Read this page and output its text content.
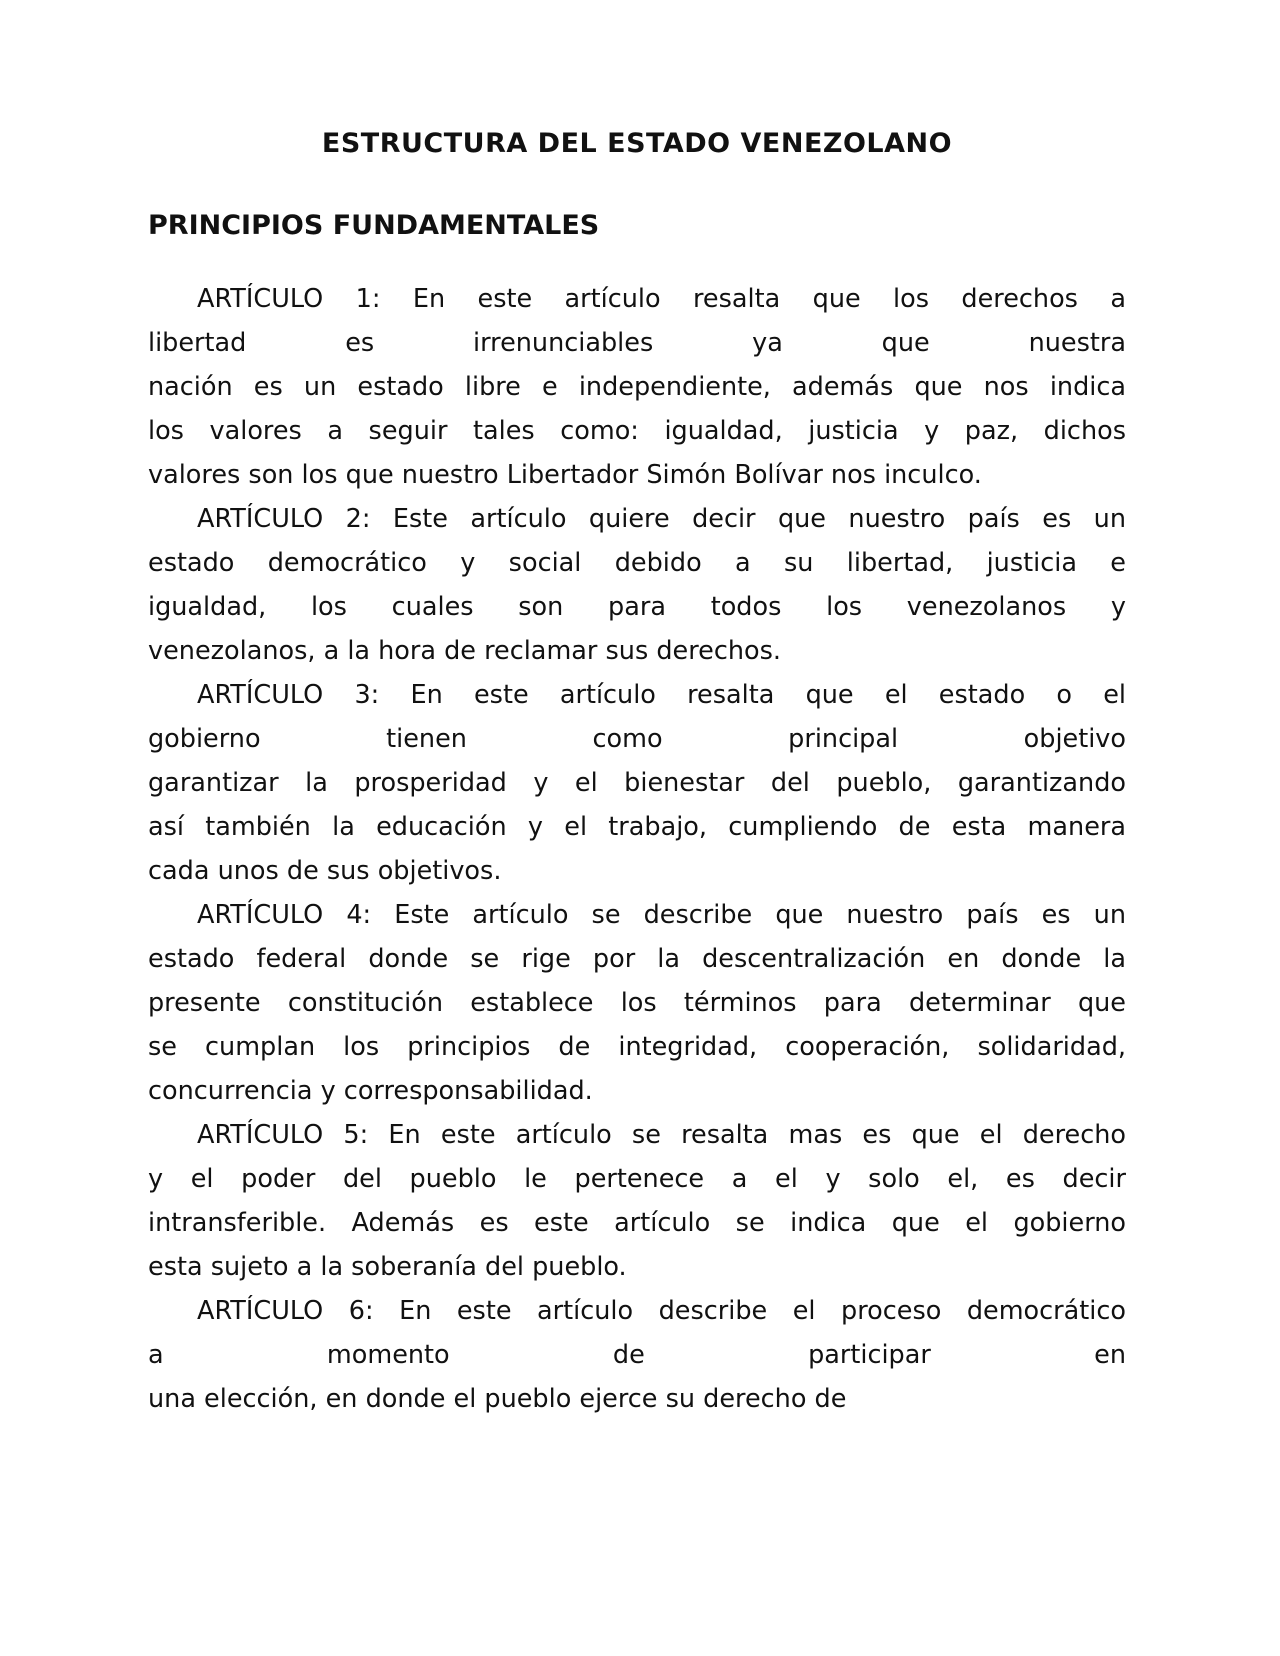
ESTRUCTURA DEL ESTADO VENEZOLANO
PRINCIPIOS FUNDAMENTALES
ARTÍCULO 1: En este artículo resalta que los derechos a
libertad es irrenunciables ya que nuestra
nación es un estado libre e independiente, además que nos indica
los valores a seguir tales como: igualdad, justicia y paz, dichos
valores son los que nuestro Libertador Simón Bolívar nos inculco.
ARTÍCULO 2: Este artículo quiere decir que nuestro país es un
estado democrático y social debido a su libertad, justicia e
igualdad, los cuales son para todos los venezolanos y
venezolanos, a la hora de reclamar sus derechos.
ARTÍCULO 3: En este artículo resalta que el estado o el
gobierno tienen como principal objetivo
garantizar la prosperidad y el bienestar del pueblo, garantizando
así también la educación y el trabajo, cumpliendo de esta manera
cada unos de sus objetivos.
ARTÍCULO 4: Este artículo se describe que nuestro país es un
estado federal donde se rige por la descentralización en donde la
presente constitución establece los términos para determinar que
se cumplan los principios de integridad, cooperación, solidaridad,
concurrencia y corresponsabilidad.
ARTÍCULO 5: En este artículo se resalta mas es que el derecho
y el poder del pueblo le pertenece a el y solo el, es decir
intransferible. Además es este artículo se indica que el gobierno
esta sujeto a la soberanía del pueblo.
ARTÍCULO 6: En este artículo describe el proceso democrático
a momento de participar en
una elección, en donde el pueblo ejerce su derecho de
